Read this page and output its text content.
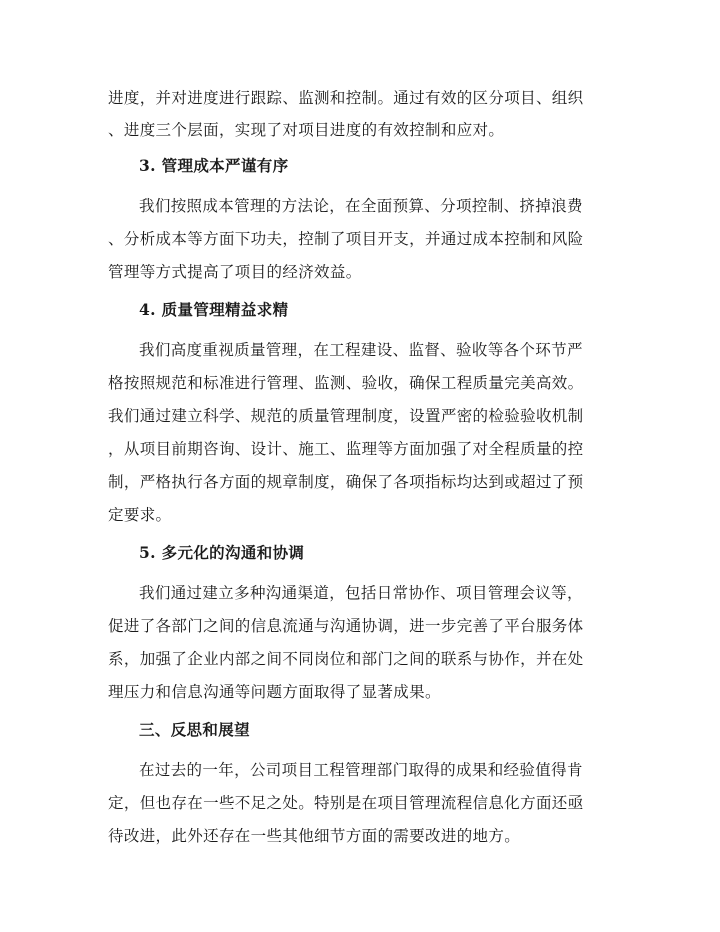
进度，并对进度进行跟踪、监测和控制。通过有效的区分项目、组织
、进度三个层面，实现了对项目进度的有效控制和应对。
3. 管理成本严谨有序
我们按照成本管理的方法论，在全面预算、分项控制、挤掉浪费
、分析成本等方面下功夫，控制了项目开支，并通过成本控制和风险
管理等方式提高了项目的经济效益。
4. 质量管理精益求精
我们高度重视质量管理，在工程建设、监督、验收等各个环节严
格按照规范和标准进行管理、监测、验收，确保工程质量完美高效。
我们通过建立科学、规范的质量管理制度，设置严密的检验验收机制
，从项目前期咨询、设计、施工、监理等方面加强了对全程质量的控
制，严格执行各方面的规章制度，确保了各项指标均达到或超过了预
定要求。
5. 多元化的沟通和协调
我们通过建立多种沟通渠道，包括日常协作、项目管理会议等，
促进了各部门之间的信息流通与沟通协调，进一步完善了平台服务体
系，加强了企业内部之间不同岗位和部门之间的联系与协作，并在处
理压力和信息沟通等问题方面取得了显著成果。
三、反思和展望
在过去的一年，公司项目工程管理部门取得的成果和经验值得肯
定，但也存在一些不足之处。特别是在项目管理流程信息化方面还亟
待改进，此外还存在一些其他细节方面的需要改进的地方。
